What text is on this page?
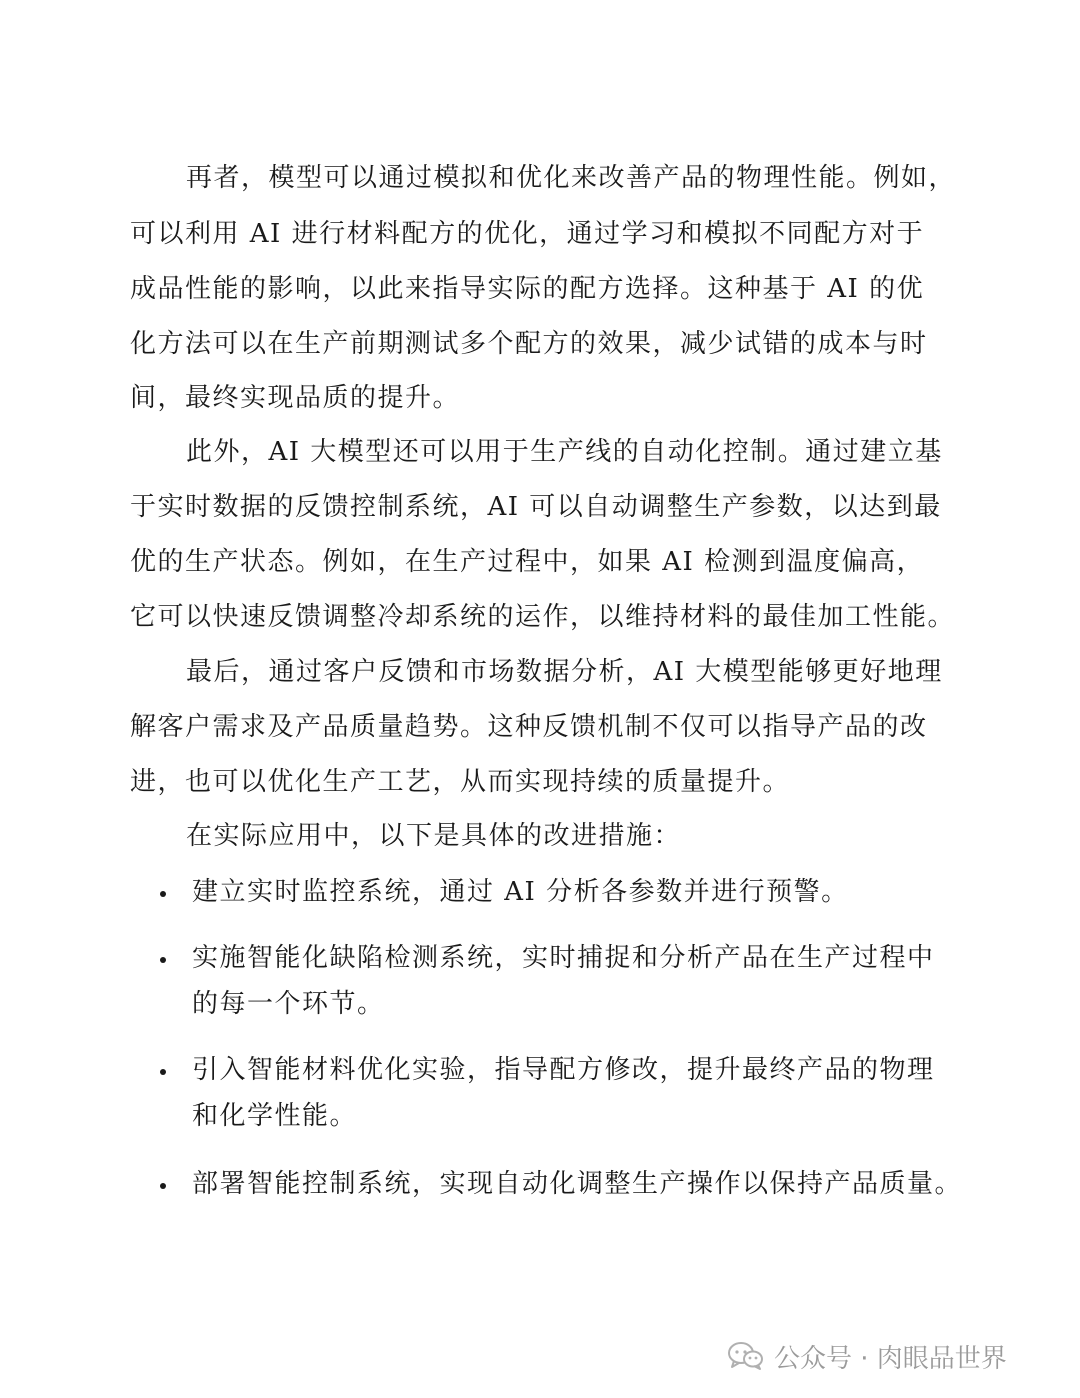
再者，模型可以通过模拟和优化来改善产品的物理性能。例如，
可以利用 AI 进行材料配方的优化，通过学习和模拟不同配方对于
成品性能的影响，以此来指导实际的配方选择。这种基于 AI 的优
化方法可以在生产前期测试多个配方的效果，减少试错的成本与时
间，最终实现品质的提升。
此外，AI 大模型还可以用于生产线的自动化控制。通过建立基
于实时数据的反馈控制系统，AI 可以自动调整生产参数，以达到最
优的生产状态。例如，在生产过程中，如果 AI 检测到温度偏高，
它可以快速反馈调整冷却系统的运作，以维持材料的最佳加工性能。
最后，通过客户反馈和市场数据分析，AI 大模型能够更好地理
解客户需求及产品质量趋势。这种反馈机制不仅可以指导产品的改
进，也可以优化生产工艺，从而实现持续的质量提升。
在实际应用中，以下是具体的改进措施：
建立实时监控系统，通过 AI 分析各参数并进行预警。
实施智能化缺陷检测系统，实时捕捉和分析产品在生产过程中
的每一个环节。
引入智能材料优化实验，指导配方修改，提升最终产品的物理
和化学性能。
部署智能控制系统，实现自动化调整生产操作以保持产品质量。
公众号 · 肉眼品世界
